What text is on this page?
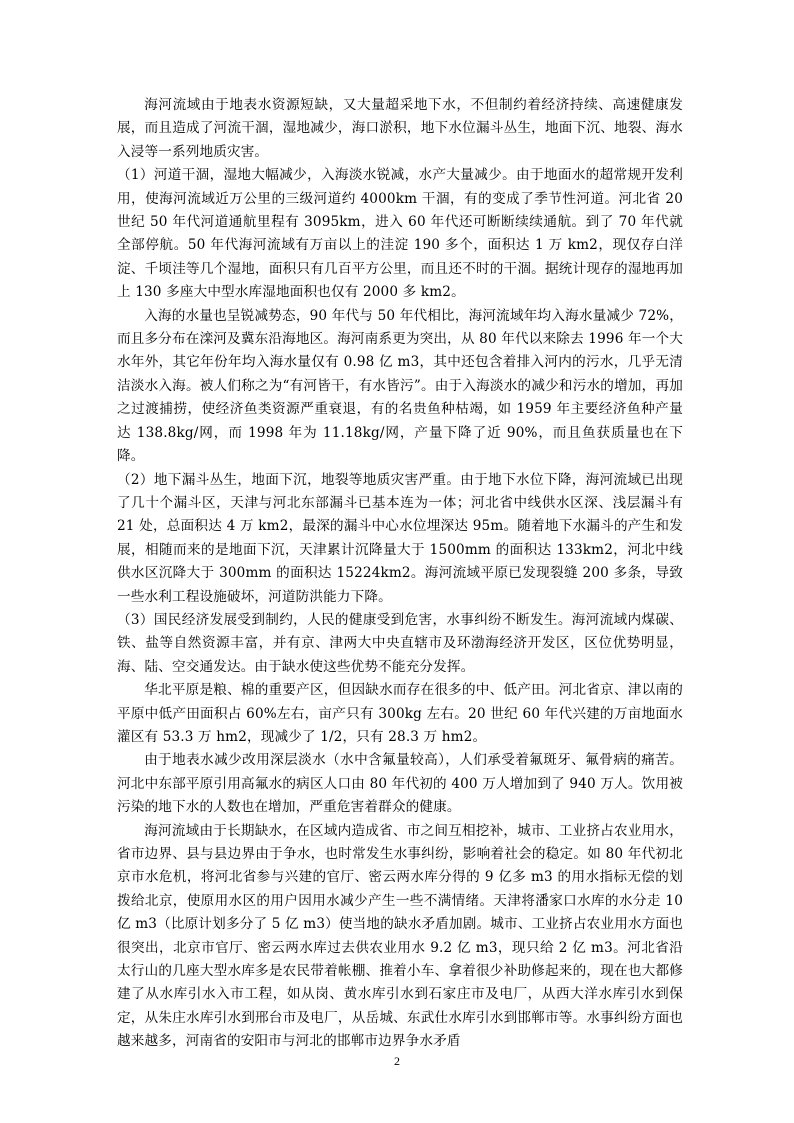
海河流域由于地表水资源短缺，又大量超采地下水，不但制约着经济持续、高速健康发展，而且造成了河流干涸，湿地减少，海口淤积，地下水位漏斗丛生，地面下沉、地裂、海水入浸等一系列地质灾害。

（1）河道干涸，湿地大幅减少，入海淡水锐减，水产大量减少。由于地面水的超常规开发利用，使海河流域近万公里的三级河道约 4000km 干涸，有的变成了季节性河道。河北省 20 世纪 50 年代河道通航里程有 3095km，进入 60 年代还可断断续续通航。到了 70 年代就全部停航。50 年代海河流域有万亩以上的洼淀 190 多个，面积达 1 万 km2，现仅存白洋淀、千顷洼等几个湿地，面积只有几百平方公里，而且还不时的干涸。据统计现存的湿地再加上 130 多座大中型水库湿地面积也仅有 2000 多 km2。

入海的水量也呈锐减势态，90 年代与 50 年代相比，海河流域年均入海水量减少 72%，而且多分布在滦河及冀东沿海地区。海河南系更为突出，从 80 年代以来除去 1996 年一个大水年外，其它年份年均入海水量仅有 0.98 亿 m3，其中还包含着排入河内的污水，几乎无清洁淡水入海。被人们称之为“有河皆干，有水皆污”。由于入海淡水的减少和污水的增加，再加之过渡捕捞，使经济鱼类资源严重衰退，有的名贵鱼种枯竭，如 1959 年主要经济鱼种产量达 138.8kg/网，而 1998 年为 11.18kg/网，产量下降了近 90%，而且鱼获质量也在下降。

（2）地下漏斗丛生，地面下沉，地裂等地质灾害严重。由于地下水位下降，海河流域已出现了几十个漏斗区，天津与河北东部漏斗已基本连为一体；河北省中线供水区深、浅层漏斗有 21 处，总面积达 4 万 km2，最深的漏斗中心水位埋深达 95m。随着地下水漏斗的产生和发展，相随而来的是地面下沉，天津累计沉降量大于 1500mm 的面积达 133km2，河北中线供水区沉降大于 300mm 的面积达 15224km2。海河流域平原已发现裂缝 200 多条，导致一些水利工程设施破坏，河道防洪能力下降。

（3）国民经济发展受到制约，人民的健康受到危害，水事纠纷不断发生。海河流域内煤碳、铁、盐等自然资源丰富，并有京、津两大中央直辖市及环渤海经济开发区，区位优势明显，海、陆、空交通发达。由于缺水使这些优势不能充分发挥。

华北平原是粮、棉的重要产区，但因缺水而存在很多的中、低产田。河北省京、津以南的平原中低产田面积占 60%左右，亩产只有 300kg 左右。20 世纪 60 年代兴建的万亩地面水灌区有 53.3 万 hm2，现减少了 1/2，只有 28.3 万 hm2。

由于地表水减少改用深层淡水（水中含氟量较高），人们承受着氟斑牙、氟骨病的痛苦。河北中东部平原引用高氟水的病区人口由 80 年代初的 400 万人增加到了 940 万人。饮用被污染的地下水的人数也在增加，严重危害着群众的健康。

海河流域由于长期缺水，在区域内造成省、市之间互相挖补，城市、工业挤占农业用水，省市边界、县与县边界由于争水，也时常发生水事纠纷，影响着社会的稳定。如 80 年代初北京市水危机，将河北省参与兴建的官厅、密云两水库分得的 9 亿多 m3 的用水指标无偿的划拨给北京，使原用水区的用户因用水减少产生一些不满情绪。天津将潘家口水库的水分走 10 亿 m3（比原计划多分了 5 亿 m3）使当地的缺水矛盾加剧。城市、工业挤占农业用水方面也很突出，北京市官厅、密云两水库过去供农业用水 9.2 亿 m3，现只给 2 亿 m3。河北省沿太行山的几座大型水库多是农民带着帐棚、推着小车、拿着很少补助修起来的，现在也大都修建了从水库引水入市工程，如从岗、黄水库引水到石家庄市及电厂，从西大洋水库引水到保定，从朱庄水库引水到邢台市及电厂，从岳城、东武仕水库引水到邯郸市等。水事纠纷方面也越来越多，河南省的安阳市与河北的邯郸市边界争水矛盾

2
